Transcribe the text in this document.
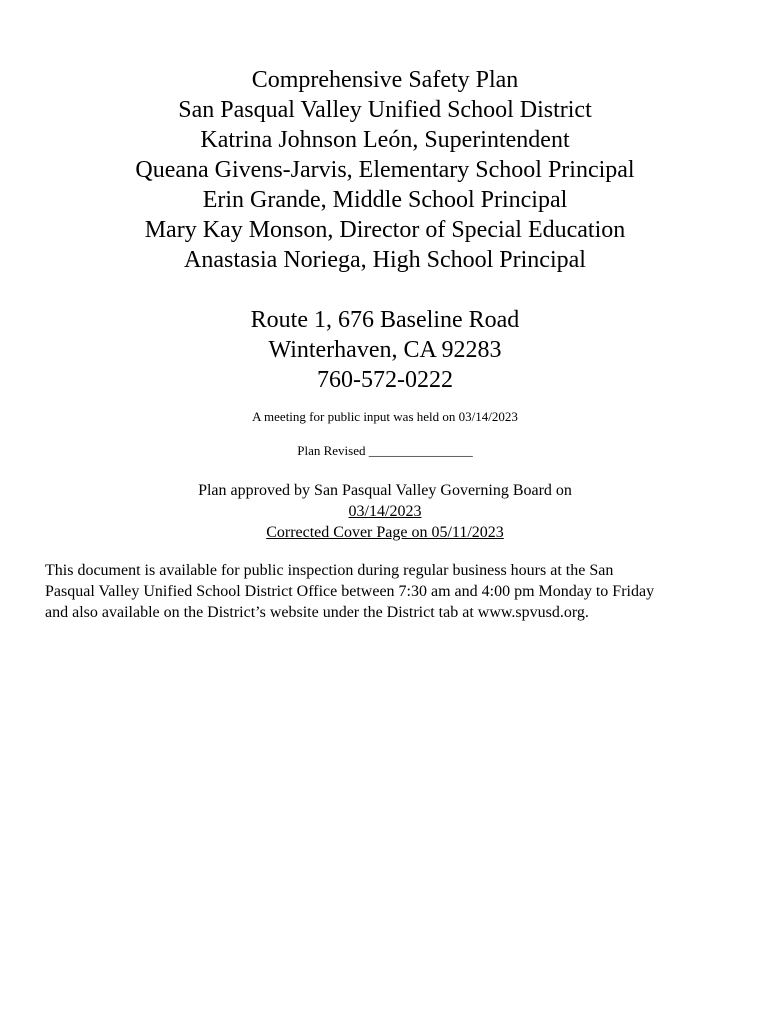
Comprehensive Safety Plan
San Pasqual Valley Unified School District
Katrina Johnson León, Superintendent
Queana Givens-Jarvis, Elementary School Principal
Erin Grande, Middle School Principal
Mary Kay Monson, Director of Special Education
Anastasia Noriega, High School Principal
Route 1, 676 Baseline Road
Winterhaven, CA 92283
760-572-0222
A meeting for public input was held on 03/14/2023
Plan Revised ________________
Plan approved by San Pasqual Valley Governing Board on
03/14/2023
Corrected Cover Page on 05/11/2023
This document is available for public inspection during regular business hours at the San
Pasqual Valley Unified School District Office between 7:30 am and 4:00 pm Monday to Friday
and also available on the District’s website under the District tab at www.spvusd.org.
